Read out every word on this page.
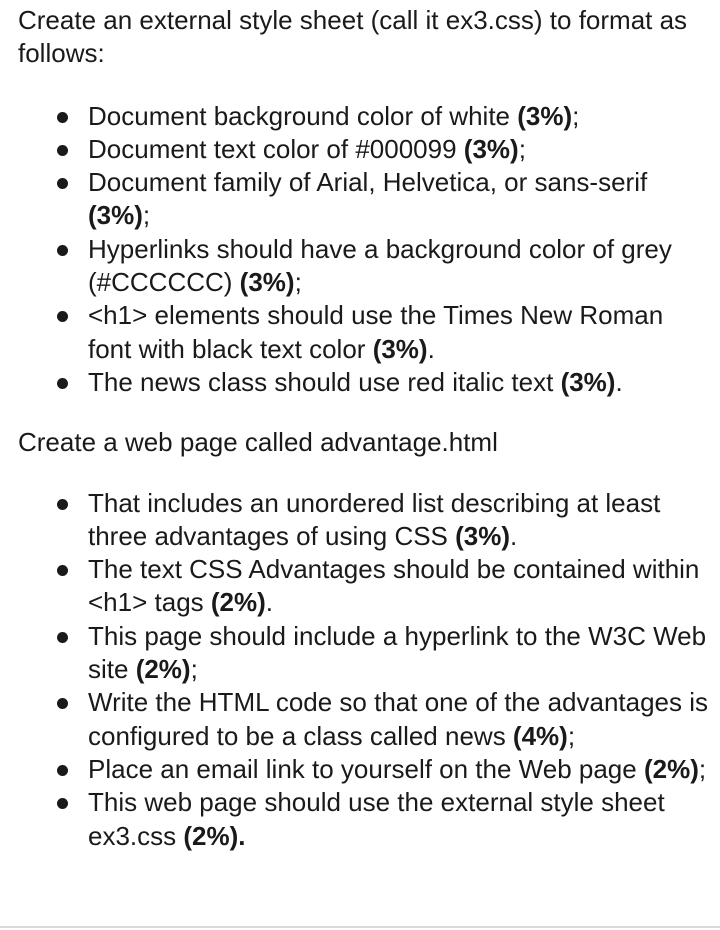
Create an external style sheet (call it ex3.css) to format as follows:

Document background color of white (3%);
Document text color of #000099 (3%);
Document family of Arial, Helvetica, or sans-serif (3%);
Hyperlinks should have a background color of grey (#CCCCCC) (3%);
<h1> elements should use the Times New Roman font with black text color (3%).
The news class should use red italic text (3%).

Create a web page called advantage.html

That includes an unordered list describing at least three advantages of using CSS (3%).
The text CSS Advantages should be contained within <h1> tags (2%).
This page should include a hyperlink to the W3C Web site (2%);
Write the HTML code so that one of the advantages is configured to be a class called news (4%);
Place an email link to yourself on the Web page (2%);
This web page should use the external style sheet ex3.css (2%).
